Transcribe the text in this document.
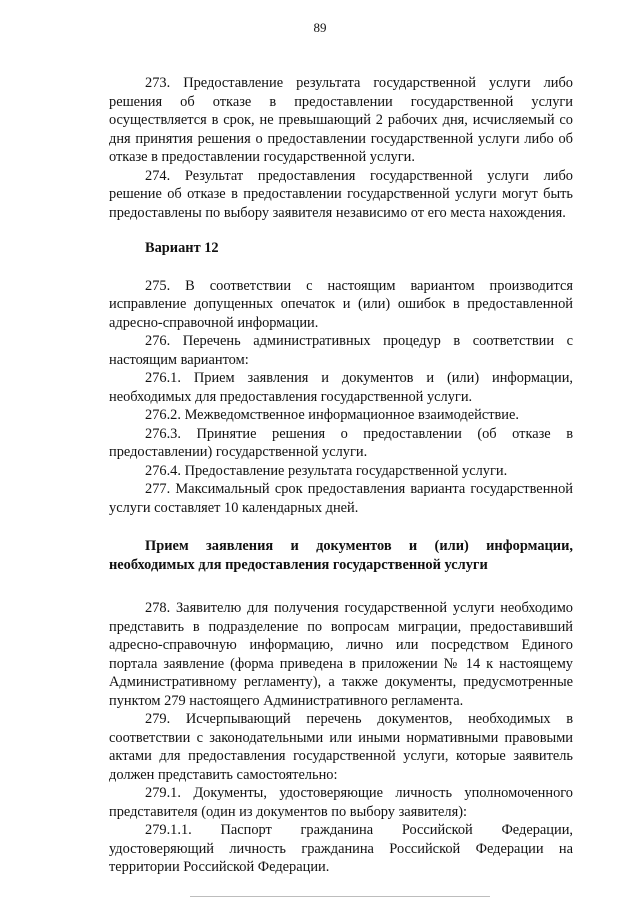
89

273. Предоставление результата государственной услуги либо решения об отказе в предоставлении государственной услуги осуществляется в срок, не превышающий 2 рабочих дня, исчисляемый со дня принятия решения о предоставлении государственной услуги либо об отказе в предоставлении государственной услуги.

274. Результат предоставления государственной услуги либо решение об отказе в предоставлении государственной услуги могут быть предоставлены по выбору заявителя независимо от его места нахождения.

Вариант 12

275. В соответствии с настоящим вариантом производится исправление допущенных опечаток и (или) ошибок в предоставленной адресно-справочной информации.

276. Перечень административных процедур в соответствии с настоящим вариантом:

276.1. Прием заявления и документов и (или) информации, необходимых для предоставления государственной услуги.

276.2. Межведомственное информационное взаимодействие.

276.3. Принятие решения о предоставлении (об отказе в предоставлении) государственной услуги.

276.4. Предоставление результата государственной услуги.

277. Максимальный срок предоставления варианта государственной услуги составляет 10 календарных дней.

Прием заявления и документов и (или) информации, необходимых для предоставления государственной услуги

278. Заявителю для получения государственной услуги необходимо представить в подразделение по вопросам миграции, предоставивший адресно-справочную информацию, лично или посредством Единого портала заявление (форма приведена в приложении № 14 к настоящему Административному регламенту), а также документы, предусмотренные пунктом 279 настоящего Административного регламента.

279. Исчерпывающий перечень документов, необходимых в соответствии с законодательными или иными нормативными правовыми актами для предоставления государственной услуги, которые заявитель должен представить самостоятельно:

279.1. Документы, удостоверяющие личность уполномоченного представителя (один из документов по выбору заявителя):

279.1.1. Паспорт гражданина Российской Федерации, удостоверяющий личность гражданина Российской Федерации на территории Российской Федерации.
